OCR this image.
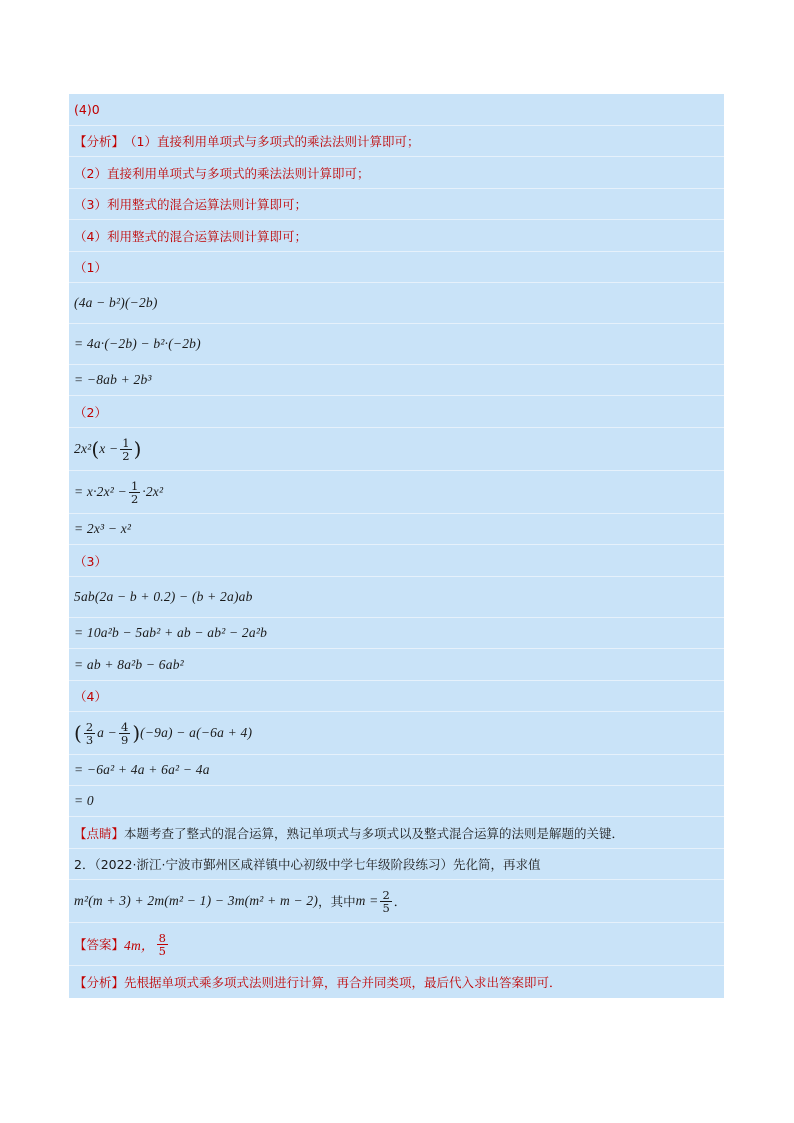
(4)0
【分析】 （1）直接利用单项式与多项式的乘法法则计算即可；
（2）直接利用单项式与多项式的乘法法则计算即可；
（3）利用整式的混合运算法则计算即可；
（4）利用整式的混合运算法则计算即可；
（1）
(4a − b²)(−2b)
= 4a·(−2b) − b²·(−2b)
= −8ab + 2b³
（2）
2x² ( $x - \frac{1}{2}$ )
= $x\cdot 2x^2 - \frac{1}{2} \cdot 2x^2$
= 2x³ − x²
（3）
5ab(2a − b + 0.2) − (b + 2a)ab
= 10a²b − 5ab² + ab − ab² − 2a²b
= ab + 8a²b − 6ab²
（4）
( $\frac{2}{3}$ $a - \frac{4}{9}$ ) (−9a) − a(−6a + 4)
= −6a² + 4a + 6a² − 4a
= 0
【点睛】 本题考查了整式的混合运算，熟记单项式与多项式以及整式混合运算的法则是解题的关键．
2．（2022·浙江·宁波市鄞州区咸祥镇中心初级中学七年级阶段练习）先化简，再求值
m²(m + 3) + 2m(m² − 1) − 3m(m² + m − 2) ，其中 $m = \frac{2}{5}$ ．
【答案】 4m， $\frac{8}{5}$
【分析】 先根据单项式乘多项式法则进行计算，再合并同类项，最后代入求出答案即可．
